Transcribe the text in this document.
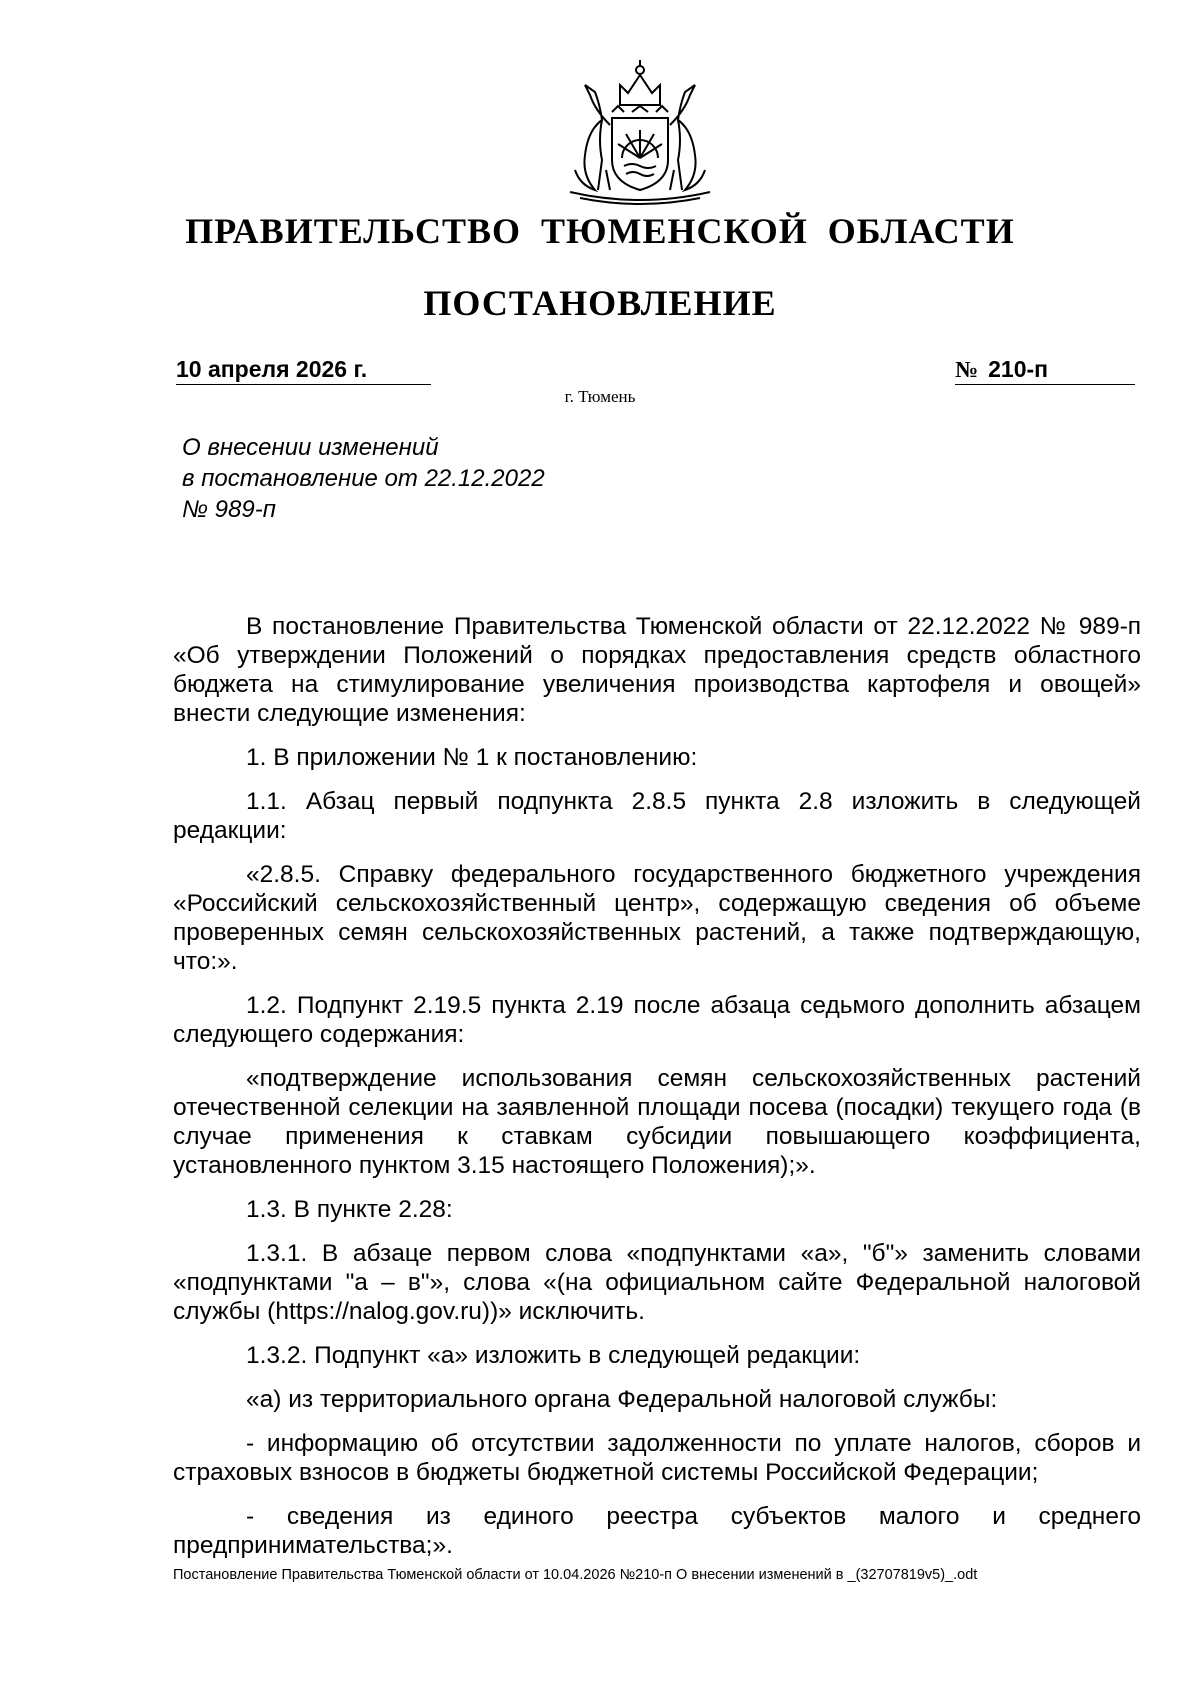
ПРАВИТЕЛЬСТВО ТЮМЕНСКОЙ ОБЛАСТИ
ПОСТАНОВЛЕНИЕ
10 апреля 2026 г.	№ 210-п
г. Тюмень
О внесении изменений
в постановление от 22.12.2022
№ 989-п

В постановление Правительства Тюменской области от 22.12.2022 № 989-п «Об утверждении Положений о порядках предоставления средств областного бюджета на стимулирование увеличения производства картофеля и овощей» внести следующие изменения:

1. В приложении № 1 к постановлению:

1.1. Абзац первый подпункта 2.8.5 пункта 2.8 изложить в следующей редакции:

«2.8.5. Справку федерального государственного бюджетного учреждения «Российский сельскохозяйственный центр», содержащую сведения об объеме проверенных семян сельскохозяйственных растений, а также подтверждающую, что:».

1.2. Подпункт 2.19.5 пункта 2.19 после абзаца седьмого дополнить абзацем следующего содержания:

«подтверждение использования семян сельскохозяйственных растений отечественной селекции на заявленной площади посева (посадки) текущего года (в случае применения к ставкам субсидии повышающего коэффициента, установленного пунктом 3.15 настоящего Положения);».

1.3. В пункте 2.28:

1.3.1. В абзаце первом слова «подпунктами «а», "б"» заменить словами «подпунктами "а – в"», слова «(на официальном сайте Федеральной налоговой службы (https://nalog.gov.ru))» исключить.

1.3.2. Подпункт «а» изложить в следующей редакции:

«а) из территориального органа Федеральной налоговой службы:

- информацию об отсутствии задолженности по уплате налогов, сборов и страховых взносов в бюджеты бюджетной системы Российской Федерации;

- сведения из единого реестра субъектов малого и среднего предпринимательства;».

Постановление Правительства Тюменской области от 10.04.2026 №210-п О внесении изменений в _(32707819v5)_.odt
